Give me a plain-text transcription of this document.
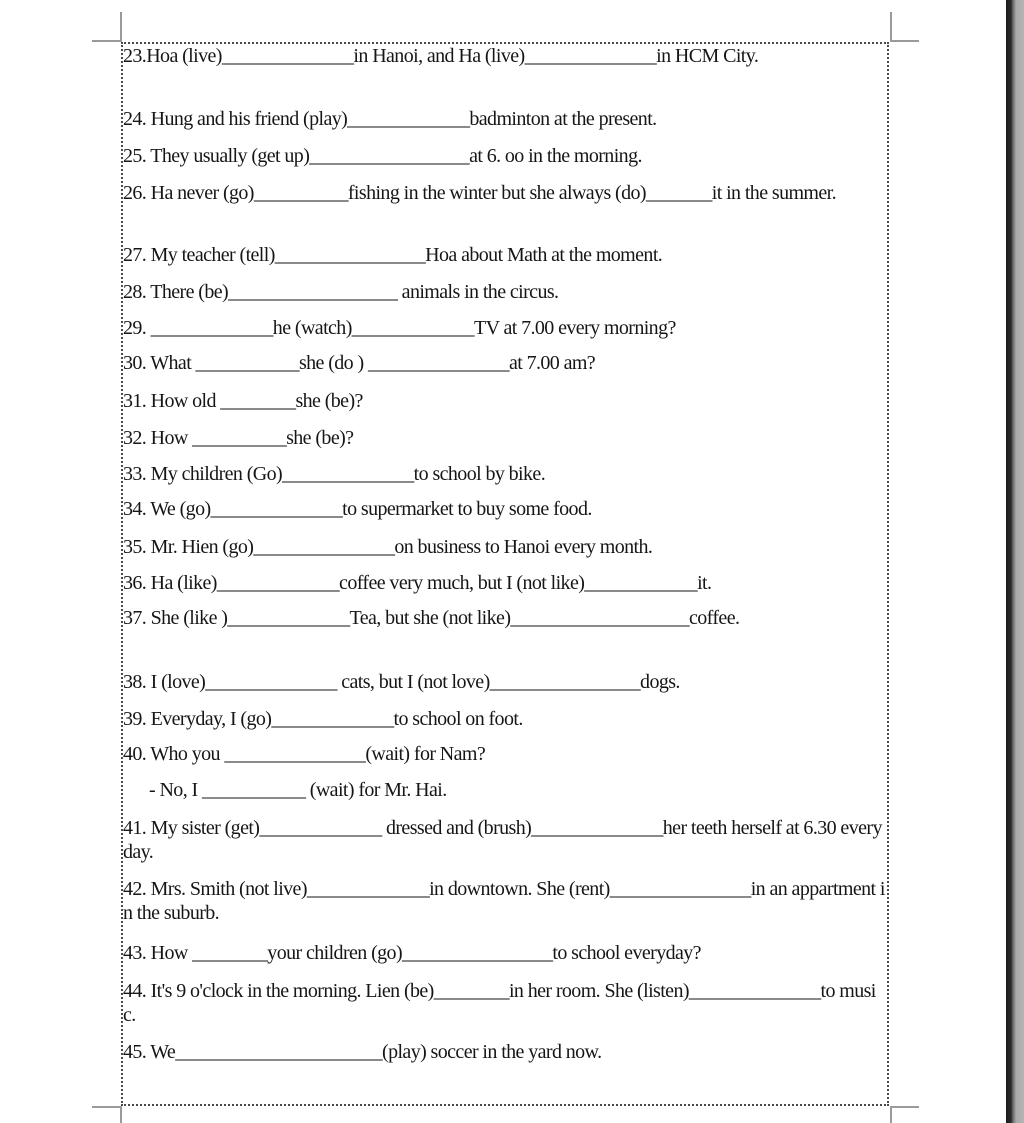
23.Hoa (live)______________in Hanoi, and Ha (live)______________in HCM City.
24. Hung and his friend (play)_____________badminton at the present.
25. They usually (get up)_________________at 6. oo in the morning.
26. Ha never (go)__________fishing in the winter but she always (do)_______it in the summer.
27. My teacher (tell)________________Hoa about Math at the moment.
28. There (be)__________________ animals in the circus.
29. _____________he (watch)_____________TV at 7.00 every morning?
30. What ___________she (do ) _______________at 7.00 am?
31. How old ________she (be)?
32. How __________she (be)?
33. My children (Go)______________to school by bike.
34. We (go)______________to supermarket to buy some food.
35. Mr. Hien (go)_______________on business to Hanoi every month.
36. Ha (like)_____________coffee very much, but I (not like)____________it.
37. She (like )_____________Tea, but she (not like)___________________coffee.
38. I (love)______________ cats, but I (not love)________________dogs.
39. Everyday, I (go)_____________to school on foot.
40. Who you _______________(wait) for Nam?
- No, I ___________ (wait) for Mr. Hai.
41. My sister (get)_____________ dressed and (brush)______________her teeth herself at 6.30 everyday.
42. Mrs. Smith (not live)_____________in downtown. She (rent)_______________in an appartment in the suburb.
43. How ________your children (go)________________to school everyday?
44. It's 9 o'clock in the morning. Lien (be)________in her room. She (listen)______________to music.
45. We______________________(play) soccer in the yard now.
